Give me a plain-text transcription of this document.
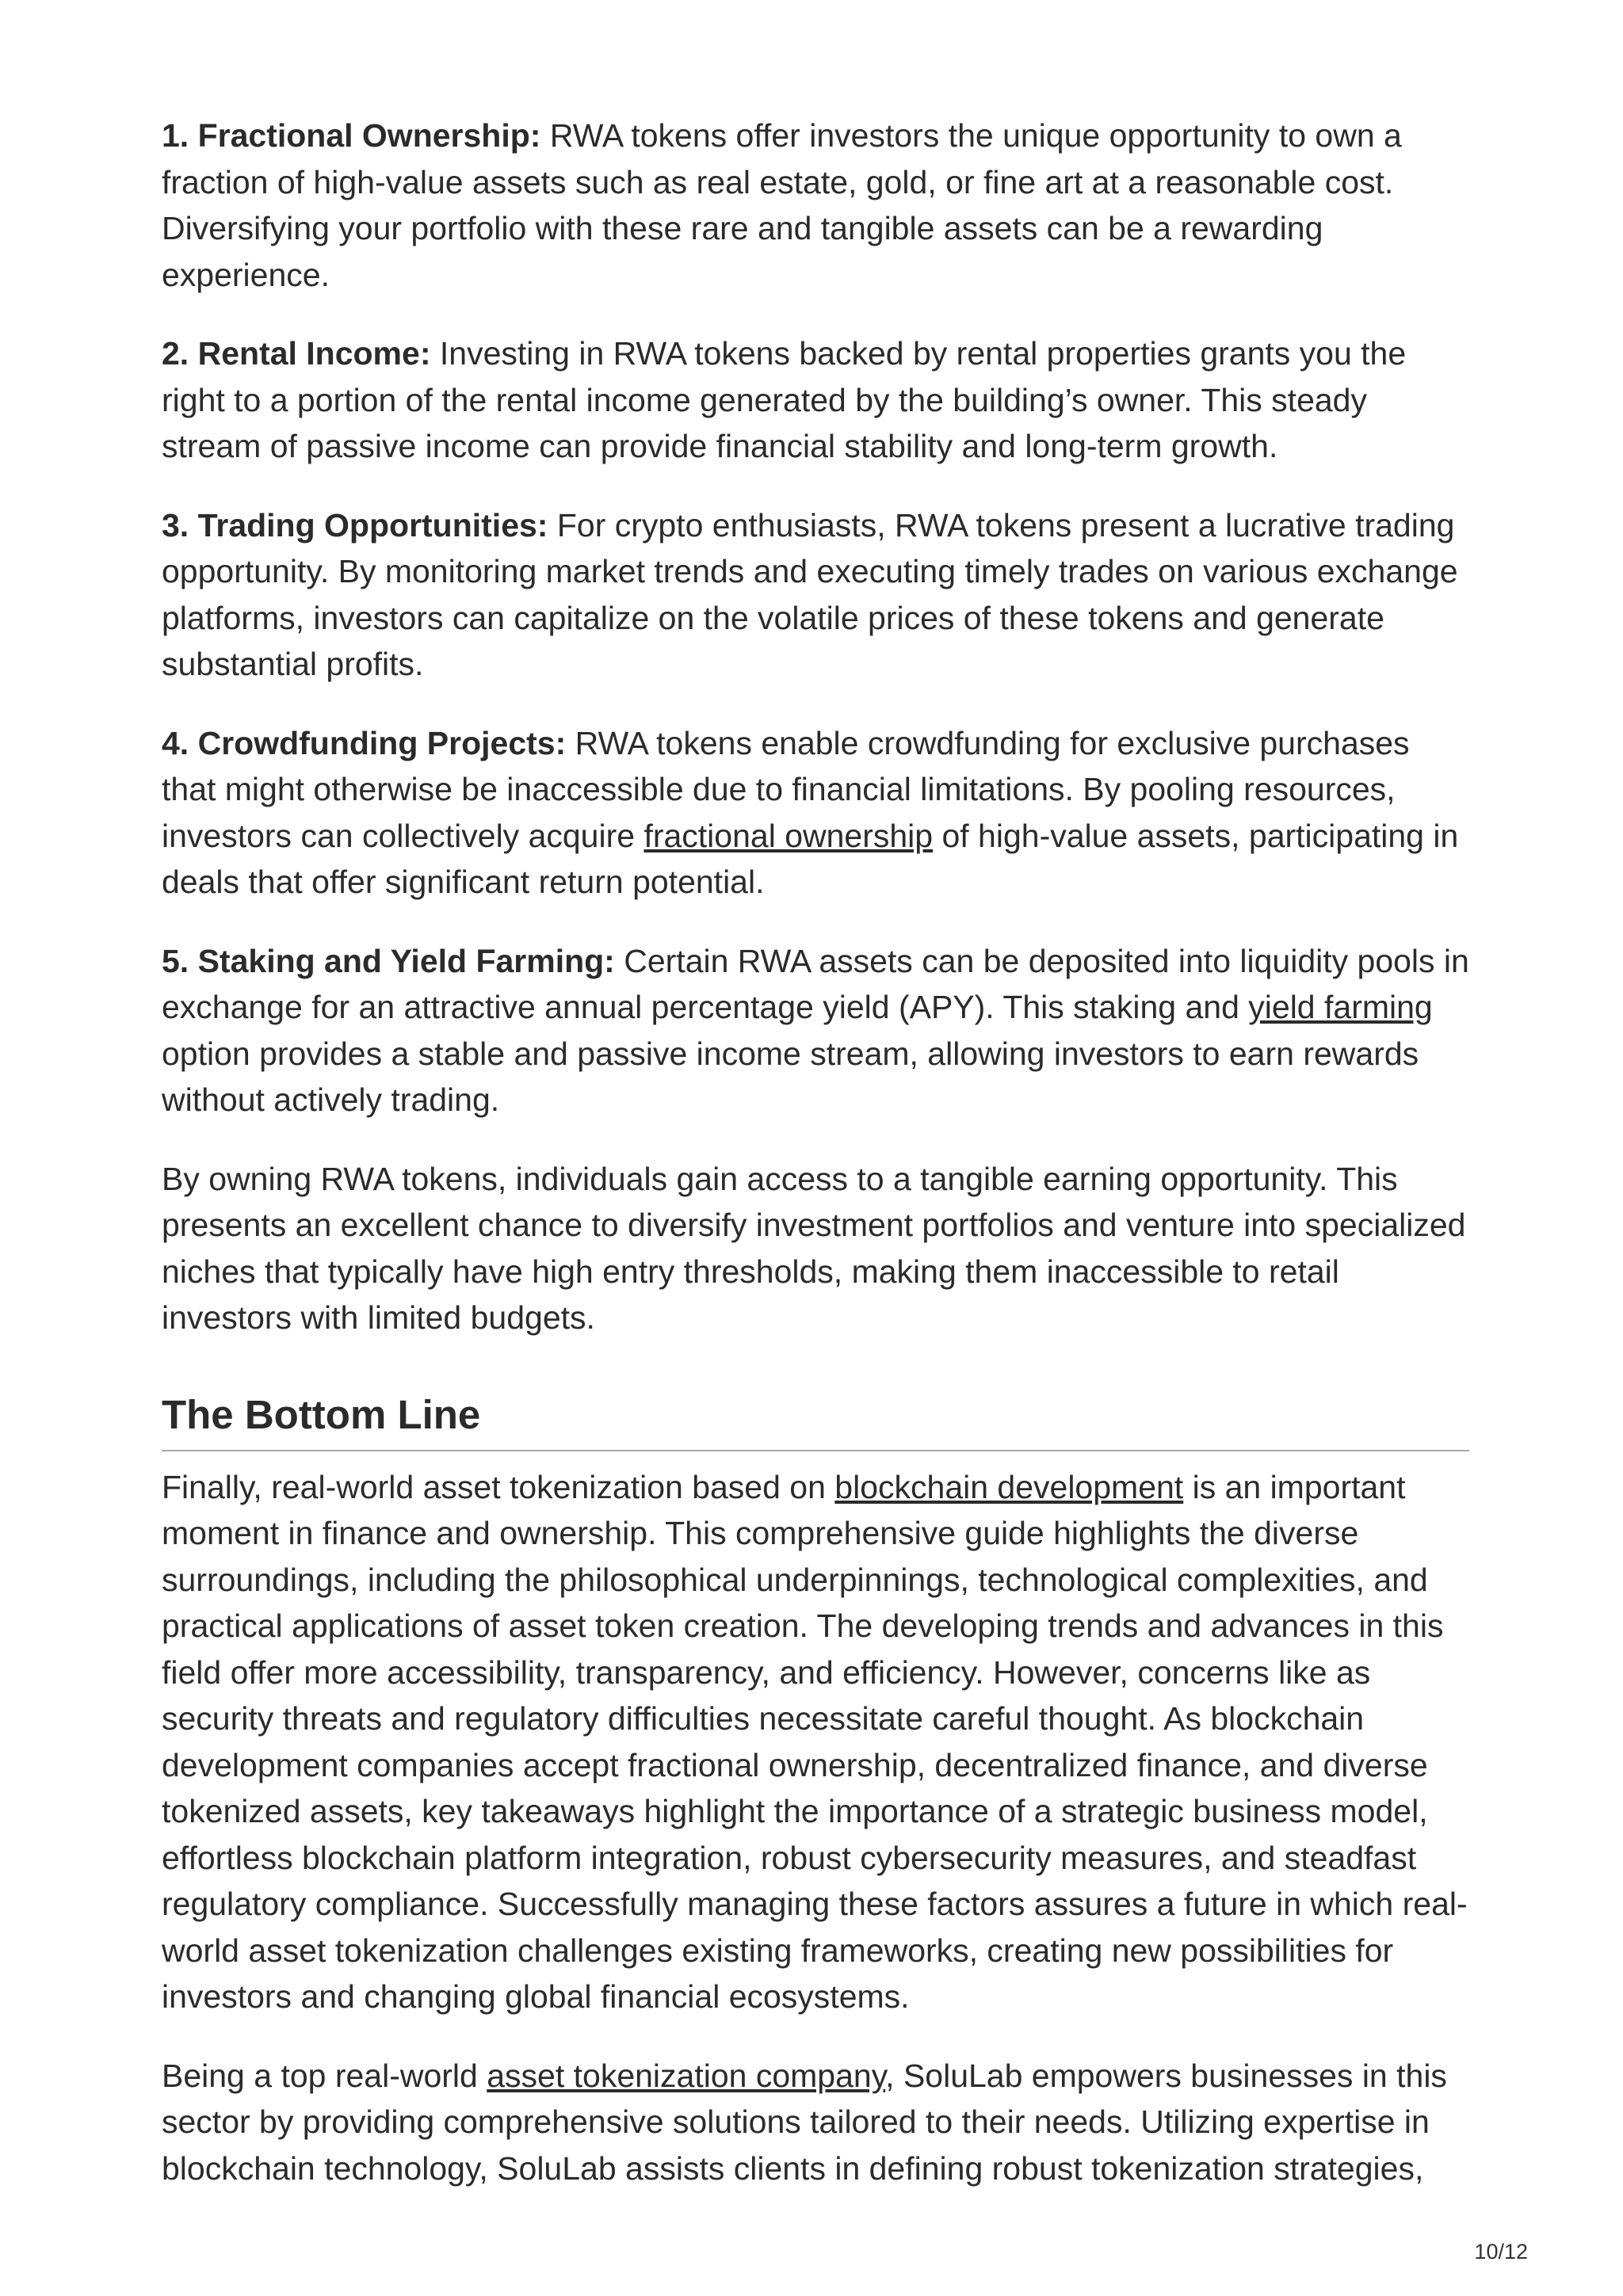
1. Fractional Ownership: RWA tokens offer investors the unique opportunity to own a fraction of high-value assets such as real estate, gold, or fine art at a reasonable cost. Diversifying your portfolio with these rare and tangible assets can be a rewarding experience.

2. Rental Income: Investing in RWA tokens backed by rental properties grants you the right to a portion of the rental income generated by the building’s owner. This steady stream of passive income can provide financial stability and long-term growth.

3. Trading Opportunities: For crypto enthusiasts, RWA tokens present a lucrative trading opportunity. By monitoring market trends and executing timely trades on various exchange platforms, investors can capitalize on the volatile prices of these tokens and generate substantial profits.

4. Crowdfunding Projects: RWA tokens enable crowdfunding for exclusive purchases that might otherwise be inaccessible due to financial limitations. By pooling resources, investors can collectively acquire fractional ownership of high-value assets, participating in deals that offer significant return potential.

5. Staking and Yield Farming: Certain RWA assets can be deposited into liquidity pools in exchange for an attractive annual percentage yield (APY). This staking and yield farming option provides a stable and passive income stream, allowing investors to earn rewards without actively trading.

By owning RWA tokens, individuals gain access to a tangible earning opportunity. This presents an excellent chance to diversify investment portfolios and venture into specialized niches that typically have high entry thresholds, making them inaccessible to retail investors with limited budgets.

The Bottom Line

Finally, real-world asset tokenization based on blockchain development is an important moment in finance and ownership. This comprehensive guide highlights the diverse surroundings, including the philosophical underpinnings, technological complexities, and practical applications of asset token creation. The developing trends and advances in this field offer more accessibility, transparency, and efficiency. However, concerns like as security threats and regulatory difficulties necessitate careful thought. As blockchain development companies accept fractional ownership, decentralized finance, and diverse tokenized assets, key takeaways highlight the importance of a strategic business model, effortless blockchain platform integration, robust cybersecurity measures, and steadfast regulatory compliance. Successfully managing these factors assures a future in which real-world asset tokenization challenges existing frameworks, creating new possibilities for investors and changing global financial ecosystems.

Being a top real-world asset tokenization company, SoluLab empowers businesses in this sector by providing comprehensive solutions tailored to their needs. Utilizing expertise in blockchain technology, SoluLab assists clients in defining robust tokenization strategies,

10/12
